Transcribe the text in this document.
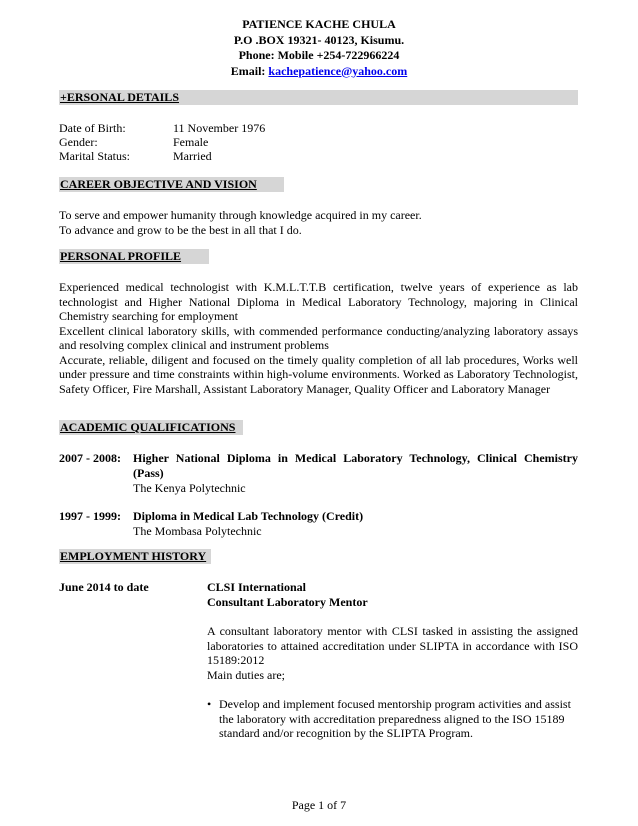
PATIENCE KACHE CHULA
P.O .BOX 19321- 40123, Kisumu.
Phone: Mobile +254-722966224
Email: kachepatience@yahoo.com
+ERSONAL DETAILS
Date of Birth:	11 November 1976
Gender:	Female
Marital Status:	Married
CAREER OBJECTIVE AND VISION
To serve and empower humanity through knowledge acquired in my career.
To advance and grow to be the best in all that I do.
PERSONAL PROFILE
Experienced medical technologist with K.M.L.T.T.B certification, twelve years of experience as lab technologist and Higher National Diploma in Medical Laboratory Technology, majoring in Clinical Chemistry searching for employment
Excellent clinical laboratory skills, with commended performance conducting/analyzing laboratory assays and resolving complex clinical and instrument problems
Accurate, reliable, diligent and focused on the timely quality completion of all lab procedures, Works well under pressure and time constraints within high-volume environments. Worked as Laboratory Technologist, Safety Officer, Fire Marshall, Assistant Laboratory Manager, Quality Officer and Laboratory Manager
ACADEMIC QUALIFICATIONS
2007 - 2008: Higher National Diploma in Medical Laboratory Technology, Clinical Chemistry (Pass)
The Kenya Polytechnic
1997 - 1999: Diploma in Medical Lab Technology (Credit)
The Mombasa Polytechnic
EMPLOYMENT HISTORY
June 2014 to date	CLSI International
Consultant Laboratory Mentor
A consultant laboratory mentor with CLSI tasked in assisting the assigned laboratories to attained accreditation under SLIPTA in accordance with ISO 15189:2012
Main duties are;
• Develop and implement focused mentorship program activities and assist the laboratory with accreditation preparedness aligned to the ISO 15189 standard and/or recognition by the SLIPTA Program.
Page 1 of 7
